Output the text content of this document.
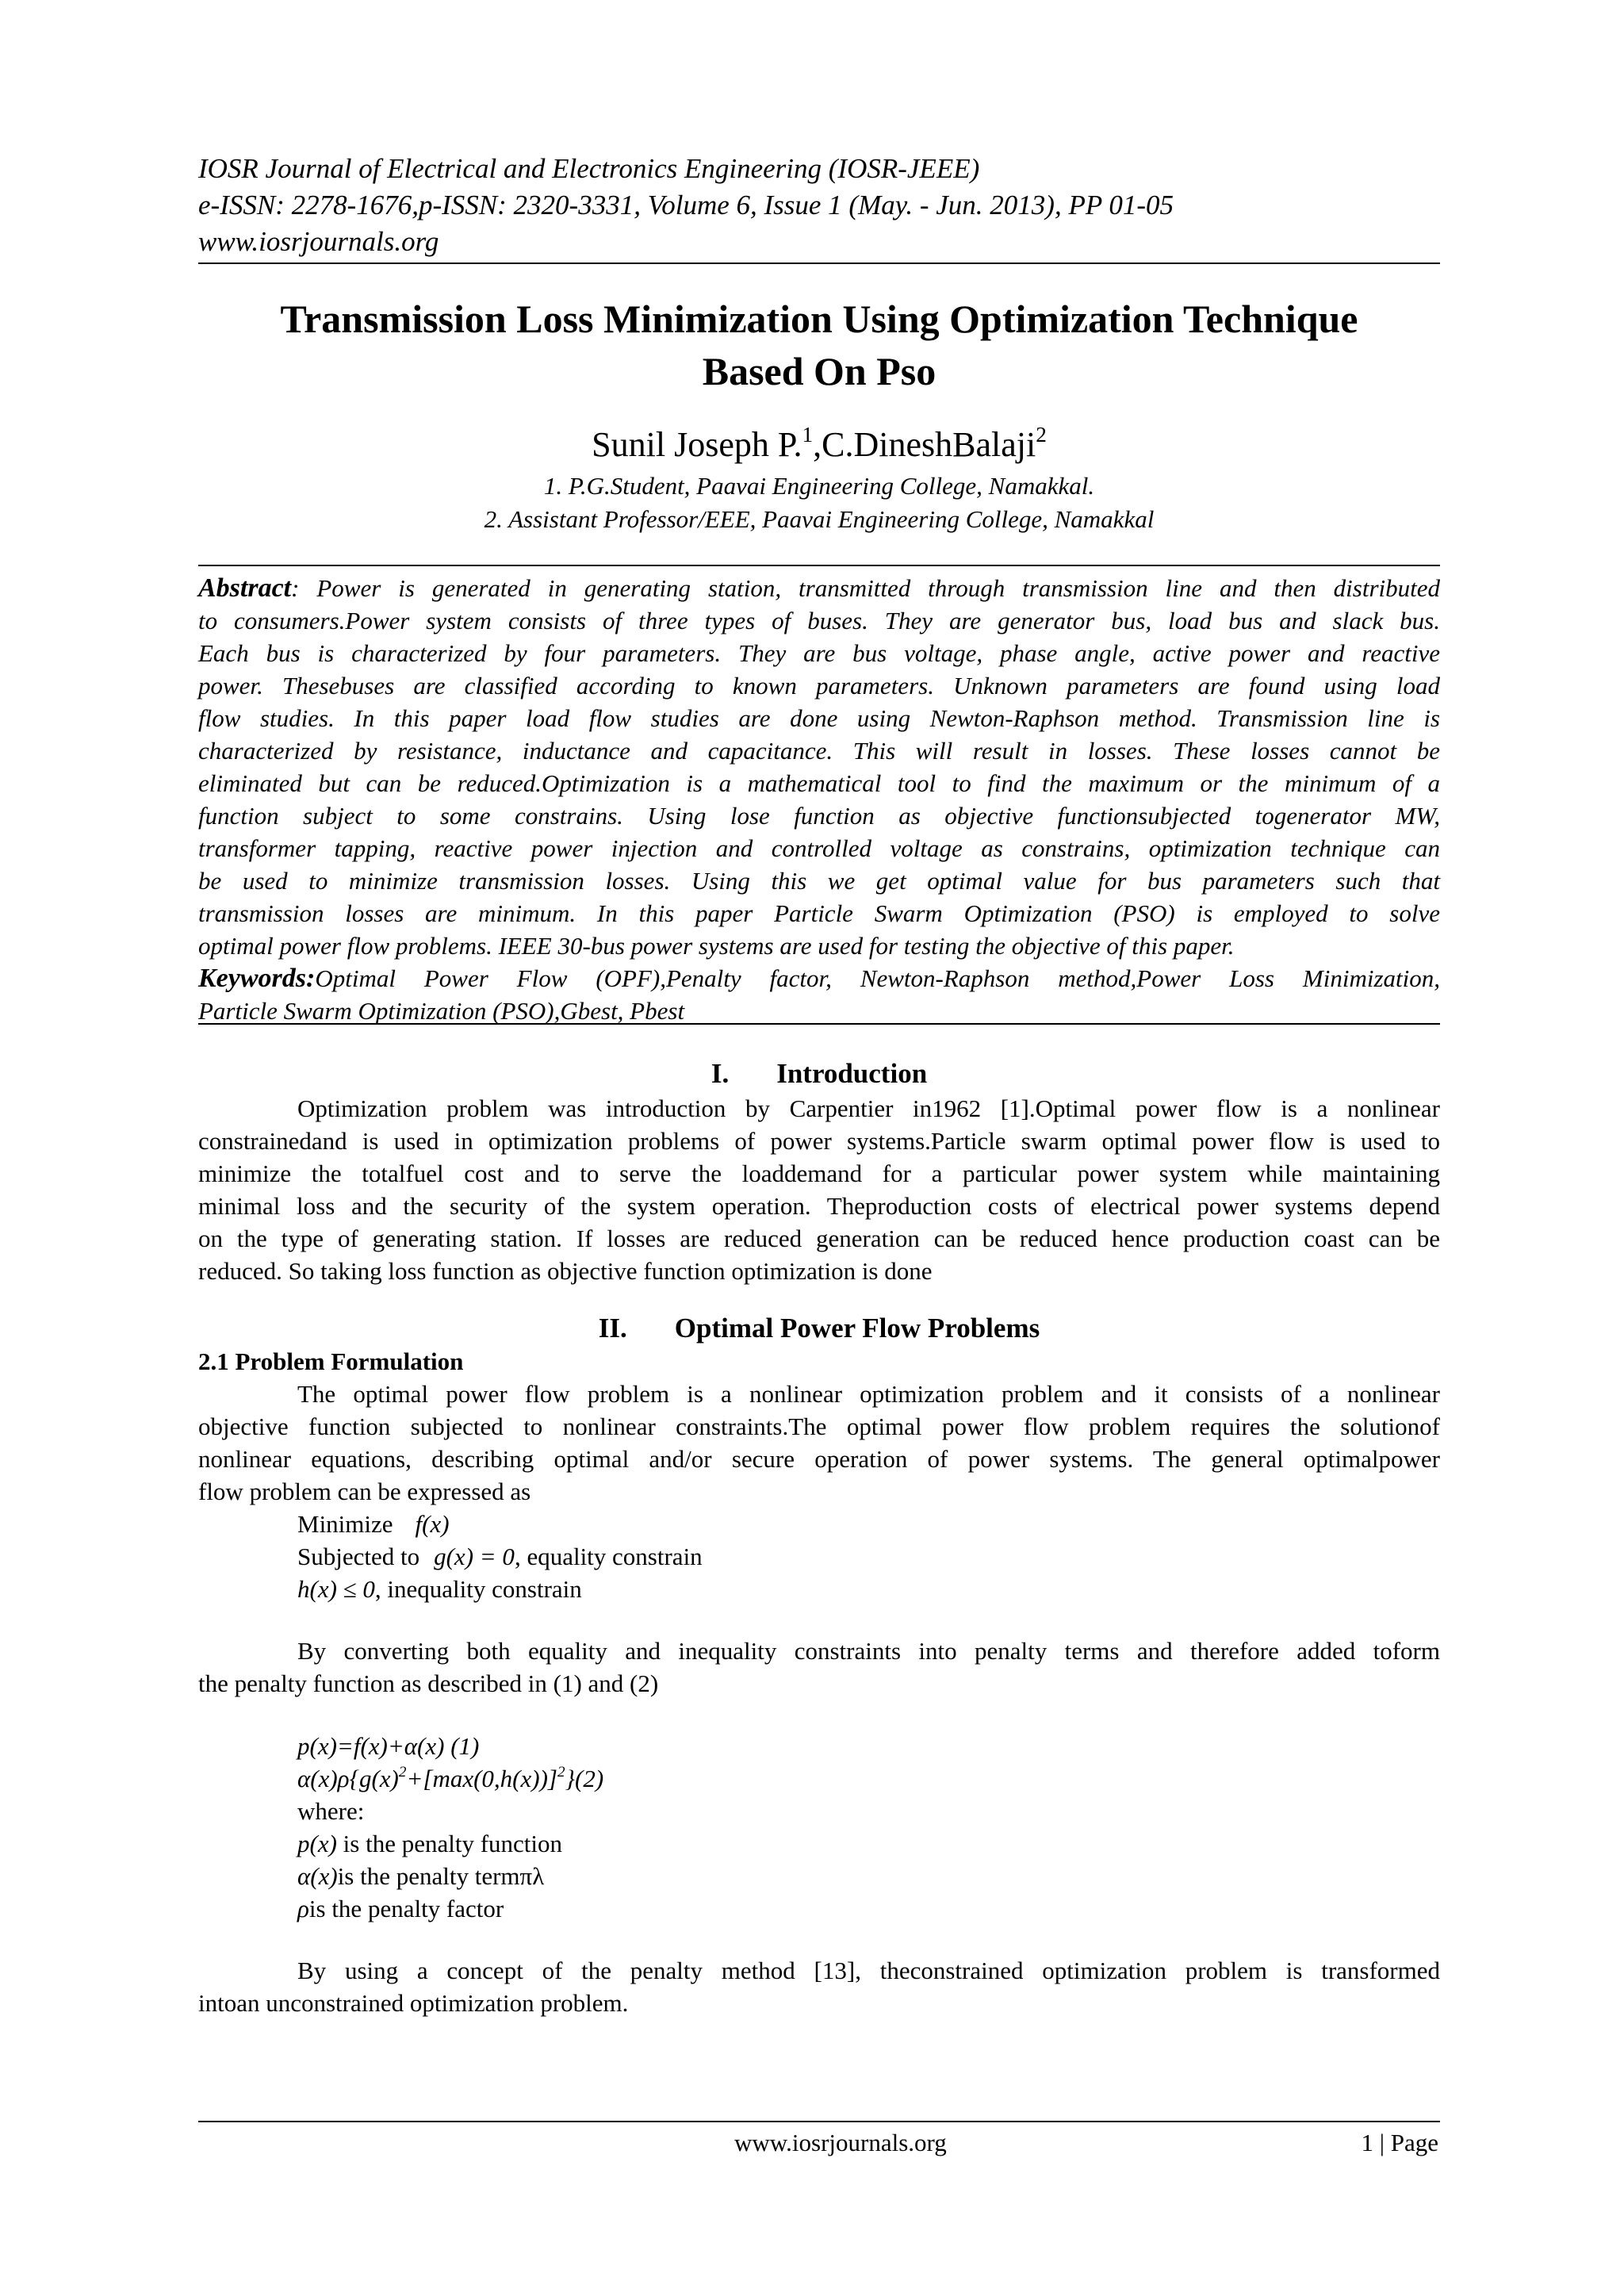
IOSR Journal of Electrical and Electronics Engineering (IOSR-JEEE)
e-ISSN: 2278-1676,p-ISSN: 2320-3331, Volume 6, Issue 1 (May. - Jun. 2013), PP 01-05
www.iosrjournals.org
Transmission Loss Minimization Using Optimization Technique
Based On Pso
Sunil Joseph P.$^1$,C.DineshBalaji$^2$
1. P.G.Student, Paavai Engineering College, Namakkal.
2. Assistant Professor/EEE, Paavai Engineering College, Namakkal
Abstract: Power is generated in generating station, transmitted through transmission line and then distributed
to consumers.Power system consists of three types of buses. They are generator bus, load bus and slack bus.
Each bus is characterized by four parameters. They are bus voltage, phase angle, active power and reactive
power. Thesebuses are classified according to known parameters. Unknown parameters are found using load
flow studies. In this paper load flow studies are done using Newton-Raphson method. Transmission line is
characterized by resistance, inductance and capacitance. This will result in losses. These losses cannot be
eliminated but can be reduced.Optimization is a mathematical tool to find the maximum or the minimum of a
function subject to some constrains. Using lose function as objective functionsubjected togenerator MW,
transformer tapping, reactive power injection and controlled voltage as constrains, optimization technique can
be used to minimize transmission losses. Using this we get optimal value for bus parameters such that
transmission losses are minimum. In this paper Particle Swarm Optimization (PSO) is employed to solve
optimal power flow problems. IEEE 30-bus power systems are used for testing the objective of this paper.
Keywords:Optimal Power Flow (OPF),Penalty factor, Newton-Raphson method,Power Loss Minimization,
Particle Swarm Optimization (PSO),Gbest, Pbest
I. Introduction
Optimization problem was introduction by Carpentier in1962 [1].Optimal power flow is a nonlinear
constrainedand is used in optimization problems of power systems.Particle swarm optimal power flow is used to
minimize the totalfuel cost and to serve the loaddemand for a particular power system while maintaining
minimal loss and the security of the system operation. Theproduction costs of electrical power systems depend
on the type of generating station. If losses are reduced generation can be reduced hence production coast can be
reduced. So taking loss function as objective function optimization is done
II. Optimal Power Flow Problems
2.1 Problem Formulation
The optimal power flow problem is a nonlinear optimization problem and it consists of a nonlinear
objective function subjected to nonlinear constraints.The optimal power flow problem requires the solutionof
nonlinear equations, describing optimal and/or secure operation of power systems. The general optimalpower
flow problem can be expressed as
Minimize f(x)
Subjected to g(x) = 0, equality constrain
h(x) ≤ 0, inequality constrain
By converting both equality and inequality constraints into penalty terms and therefore added toform
the penalty function as described in (1) and (2)
p(x)=f(x)+α(x) (1)
$\alpha(x)\rho\{g(x)^2+[\max(0,h(x))]^2\}(2)$
where:
p(x) is the penalty function
α(x)is the penalty termπλ
ρis the penalty factor
By using a concept of the penalty method [13], theconstrained optimization problem is transformed
intoan unconstrained optimization problem.
www.iosrjournals.org	1 | Page
